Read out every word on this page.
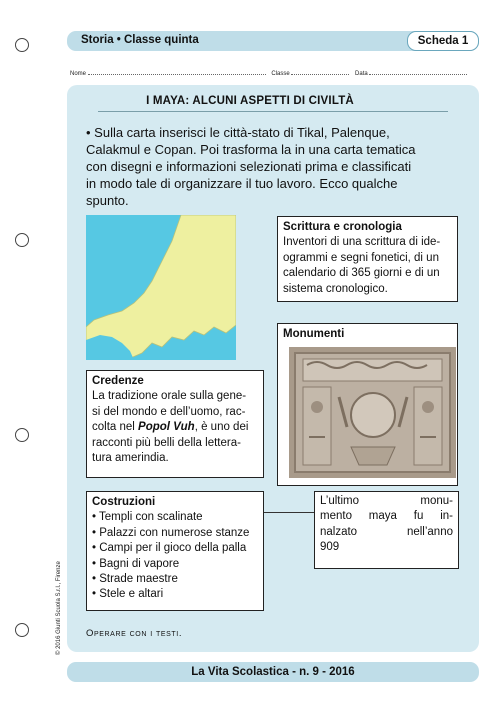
Storia • Classe quinta	Scheda 1
Nome	Classe	Data
I MAYA: ALCUNI ASPETTI DI CIVILTÀ
• Sulla carta inserisci le città-stato di Tikal, Palenque,
Calakmul e Copan. Poi trasforma la in una carta tematica
con disegni e informazioni selezionati prima e classificati
in modo tale di organizzare il tuo lavoro. Ecco qualche
spunto.
Scrittura e cronologia
Inventori di una scrittura di ide-
ogrammi e segni fonetici, di un
calendario di 365 giorni e di un
sistema cronologico.
Monumenti
Credenze
La tradizione orale sulla gene-
si del mondo e dell’uomo, rac-
colta nel Popol Vuh, è uno dei
racconti più belli della lettera-
tura amerindia.
Costruzioni
• Templi con scalinate
• Palazzi con numerose stanze
• Campi per il gioco della palla
• Bagni di vapore
• Strade maestre
• Stele e altari
L’ultimo monu-
mento maya fu in-
nalzato nell’anno
909
Operare con i testi.
© 2016 Giunti Scuola S.r.l., Firenze
La Vita Scolastica - n. 9 - 2016
